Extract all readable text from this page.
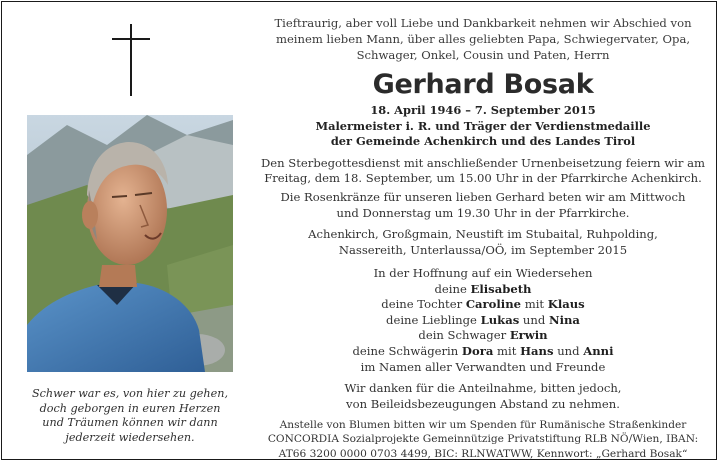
Schwer war es, von hier zu gehen,
doch geborgen in euren Herzen
und Träumen können wir dann
jederzeit wiedersehen.
Tieftraurig, aber voll Liebe und Dankbarkeit nehmen wir Abschied von
meinem lieben Mann, über alles geliebten Papa, Schwiegervater, Opa,
Schwager, Onkel, Cousin und Paten, Herrn
Gerhard Bosak
18. April 1946 – 7. September 2015
Malermeister i. R. und Träger der Verdienstmedaille
der Gemeinde Achenkirch und des Landes Tirol
Den Sterbegottesdienst mit anschließender Urnenbeisetzung feiern wir am
Freitag, dem 18. September, um 15.00 Uhr in der Pfarrkirche Achenkirch.
Die Rosenkränze für unseren lieben Gerhard beten wir am Mittwoch
und Donnerstag um 19.30 Uhr in der Pfarrkirche.
Achenkirch, Großgmain, Neustift im Stubaital, Ruhpolding,
Nassereith, Unterlaussa/OÖ, im September 2015
In der Hoffnung auf ein Wiedersehen
deine Elisabeth
deine Tochter Caroline mit Klaus
deine Lieblinge Lukas und Nina
dein Schwager Erwin
deine Schwägerin Dora mit Hans und Anni
im Namen aller Verwandten und Freunde
Wir danken für die Anteilnahme, bitten jedoch,
von Beileidsbezeugungen Abstand zu nehmen.
Anstelle von Blumen bitten wir um Spenden für Rumänische Straßenkinder
CONCORDIA Sozialprojekte Gemeinnützige Privatstiftung RLB NÖ/Wien, IBAN:
AT66 3200 0000 0703 4499, BIC: RLNWATWW, Kennwort: „Gerhard Bosak“
